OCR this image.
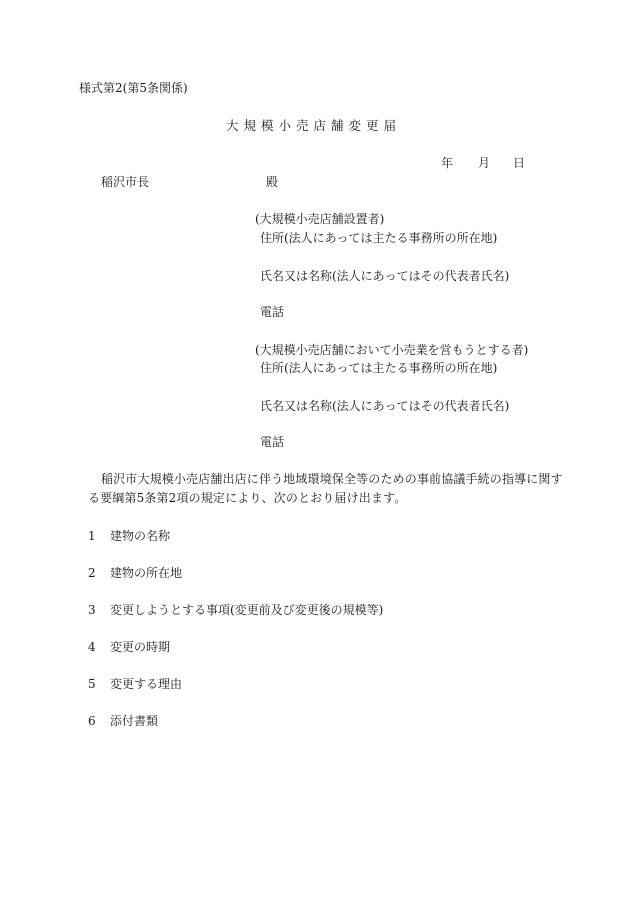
様式第2(第5条関係)
大規模小売店舗変更届
年 月 日
稲沢市長	殿
(大規模小売店舗設置者)
住所(法人にあっては主たる事務所の所在地)
氏名又は名称(法人にあってはその代表者氏名)
電話
(大規模小売店舗において小売業を営もうとする者)
住所(法人にあっては主たる事務所の所在地)
氏名又は名称(法人にあってはその代表者氏名)
電話
稲沢市大規模小売店舗出店に伴う地域環境保全等のための事前協議手続の指導に関す
る要綱第5条第2項の規定により、次のとおり届け出ます。
1 建物の名称
2 建物の所在地
3 変更しようとする事項(変更前及び変更後の規模等)
4 変更の時期
5 変更する理由
6 添付書類
